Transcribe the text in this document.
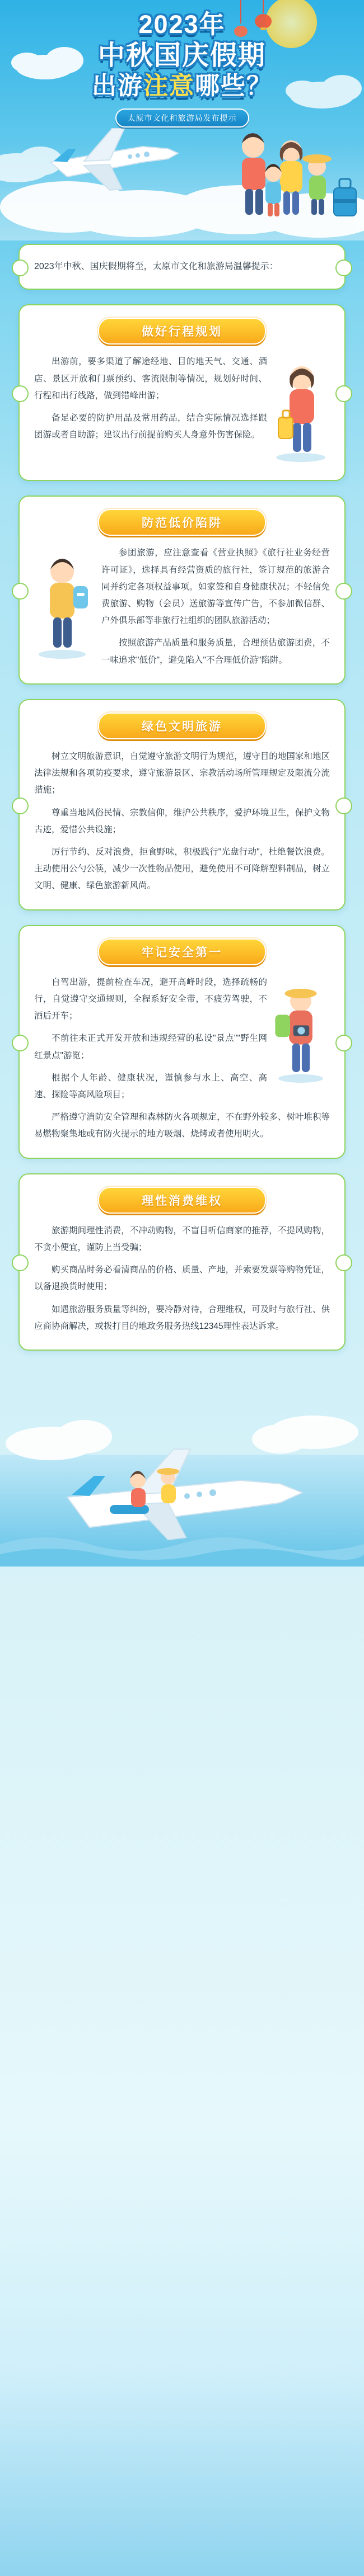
2023年
中秋国庆假期
出游注意哪些？
太原市文化和旅游局发布提示

2023年中秋、国庆假期将至，太原市文化和旅游局温馨提示：

做好行程规划

出游前，要多渠道了解途经地、目的地天气、交通、酒店、景区开放和门票预约、客流限制等情况，规划好时间、行程和出行线路，做到错峰出游；

备足必要的防护用品及常用药品，结合实际情况选择跟团游或者自助游；建议出行前提前购买人身意外伤害保险。

防范低价陷阱

参团旅游，应注意查看《营业执照》《旅行社业务经营许可证》，选择具有经营资质的旅行社，签订规范的旅游合同并约定各项权益事项。如家签和自身健康状况；不轻信免费旅游、购物（会员）送旅游等宣传广告，不参加微信群、户外俱乐部等非旅行社组织的团队旅游活动；

按照旅游产品质量和服务质量，合理预估旅游团费，不一味追求"低价"，避免陷入"不合理低价游"陷阱。

绿色文明旅游

树立文明旅游意识，自觉遵守旅游文明行为规范，遵守目的地国家和地区法律法规和各项防疫要求，遵守旅游景区、宗教活动场所管理规定及限流分流措施；

尊重当地风俗民情、宗教信仰，维护公共秩序，爱护环境卫生，保护文物古迹，爱惜公共设施；

厉行节约、反对浪费，拒食野味，积极践行"光盘行动"，杜绝餐饮浪费。主动使用公勺公筷，减少一次性物品使用，避免使用不可降解塑料制品，树立文明、健康、绿色旅游新风尚。

牢记安全第一

自驾出游，提前检查车况，避开高峰时段，选择疏畅的行，自觉遵守交通规则，全程系好安全带，不疲劳驾驶，不酒后开车；

不前往未正式开发开放和违规经营的私设"景点""野生网红景点"游览；

根据个人年龄、健康状况，谨慎参与水上、高空、高速、探险等高风险项目；

严格遵守消防安全管理和森林防火各项规定，不在野外较多、树叶堆积等易燃物聚集地或有防火提示的地方吸烟、烧烤或者使用明火。

理性消费维权

旅游期间理性消费，不冲动购物，不盲目听信商家的推荐，不提风购物，不贪小便宜，谨防上当受骗；

购买商品时务必看清商品的价格、质量、产地，并索要发票等购物凭证，以备退换货时使用；

如遇旅游服务质量等纠纷，要冷静对待，合理维权，可及时与旅行社、供应商协商解决，或拨打目的地政务服务热线12345理性表达诉求。
